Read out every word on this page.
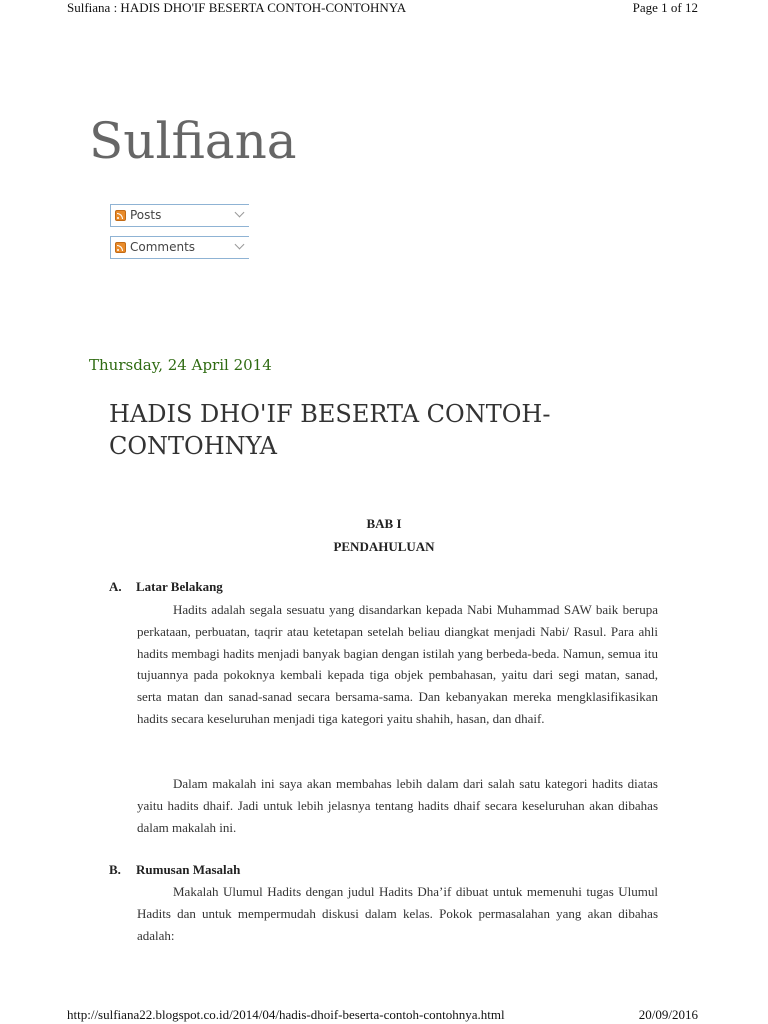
Sulfiana : HADIS DHO'IF BESERTA CONTOH-CONTOHNYA	Page 1 of 12
Sulfiana
Posts
Comments
Thursday, 24 April 2014
HADIS DHO'IF BESERTA CONTOH-CONTOHNYA
BAB I
PENDAHULUAN
A. Latar Belakang
Hadits adalah segala sesuatu yang disandarkan kepada Nabi Muhammad SAW baik berupa perkataan, perbuatan, taqrir atau ketetapan setelah beliau diangkat menjadi Nabi/ Rasul. Para ahli hadits membagi hadits menjadi banyak bagian dengan istilah yang berbeda-beda. Namun, semua itu tujuannya pada pokoknya kembali kepada tiga objek pembahasan, yaitu dari segi matan, sanad, serta matan dan sanad-sanad secara bersama-sama. Dan kebanyakan mereka mengklasifikasikan hadits secara keseluruhan menjadi tiga kategori yaitu shahih, hasan, dan dhaif.
Dalam makalah ini saya akan membahas lebih dalam dari salah satu kategori hadits diatas yaitu hadits dhaif. Jadi untuk lebih jelasnya tentang hadits dhaif secara keseluruhan akan dibahas dalam makalah ini.
B. Rumusan Masalah
Makalah Ulumul Hadits dengan judul Hadits Dha’if dibuat untuk memenuhi tugas Ulumul Hadits dan untuk mempermudah diskusi dalam kelas. Pokok permasalahan yang akan dibahas adalah:
http://sulfiana22.blogspot.co.id/2014/04/hadis-dhoif-beserta-contoh-contohnya.html	20/09/2016
